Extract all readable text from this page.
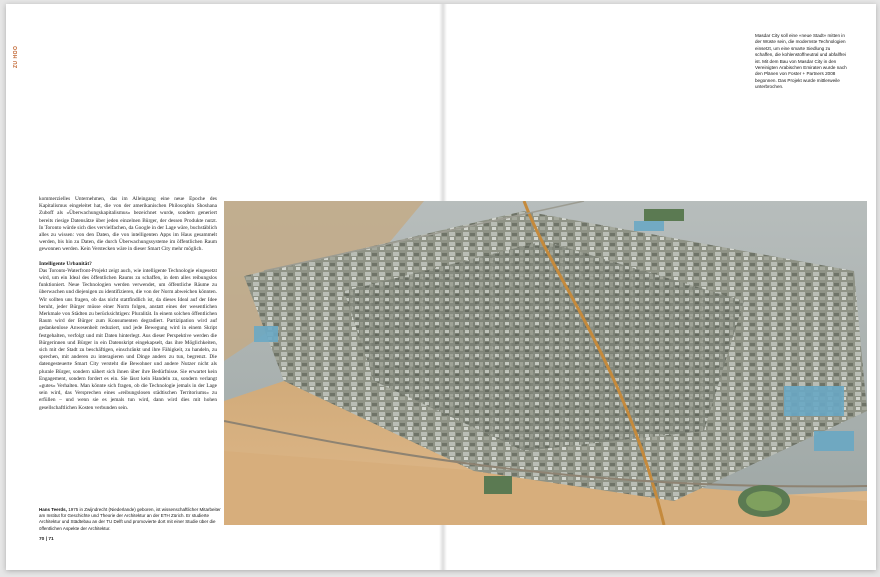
ZU HOO
Masdar City soll eine «neue Stadt» mitten in der Wüste sein, die modernste Technologien einsetzt, um eine smarte Siedlung zu schaffen, die kohlenstoffneutral und abfallfrei ist. Mit dem Bau von Masdar City in den Vereinigten Arabischen Emiraten wurde nach den Plänen von Foster + Partners 2008 begonnen. Das Projekt wurde mittlerweile unterbrochen.

kommerzielles Unternehmen, das im Alleingang eine neue Epoche des Kapitalismus eingeleitet hat, die von der amerikanischen Philosophin Shoshana Zuboff als «Überwachungskapitalismus» bezeichnet wurde, sondern generiert bereits riesige Datensätze über jeden einzelnen Bürger, der dessen Produkte nutzt. In Toronto würde sich dies vervielfachen, da Google in der Lage wäre, buchstäblich alles zu wissen: von den Daten, die von intelligenten Apps im Haus gesammelt werden, bis hin zu Daten, die durch Überwachungssysteme im öffentlichen Raum gewonnen werden. Kein Verstecken wäre in dieser Smart City mehr möglich.

Intelligente Urbanität?

Das Toronto-Waterfront-Projekt zeigt auch, wie intelligente Technologie eingesetzt wird, um ein Ideal des öffentlichen Raums zu schaffen, in dem alles reibungslos funktioniert. Neue Technologien werden verwendet, um öffentliche Räume zu überwachen und diejenigen zu identifizieren, die von der Norm abweichen könnten. Wir sollten uns fragen, ob das nicht stattfindlich ist, da dieses Ideal auf der Idee beruht, jeder Bürger müsse einer Norm folgen, anstatt eines der wesentlichen Merkmale von Städten zu berücksichtigen: Pluralität. In einem solchen öffentlichen Raum wird der Bürger zum Konsumenten degradiert. Partizipation wird auf gedankenlose Anwesenheit reduziert, und jede Bewegung wird in einem Skript festgehalten, verfolgt und mit Daten hinterlegt. Aus dieser Perspektive werden die Bürgerinnen und Bürger in ein Datenskript eingekapselt, das ihre Möglichkeiten, sich mit der Stadt zu beschäftigen, einschränkt und ihre Fähigkeit, zu handeln, zu sprechen, mit anderen zu interagieren und Dinge anders zu tun, begrenzt. Die datengesteuerte Smart City versteht die Bewohner und andere Nutzer nicht als plurale Bürger, sondern nähert sich ihnen über ihre Bedürfnisse. Sie erwartet kein Engagement, sondern fordert es ein. Sie lässt kein Handeln zu, sondern verlangt «gutes» Verhalten. Man könnte sich fragen, ob die Technologie jemals in der Lage sein wird, das Versprechen eines «reibungslosen städtischen Territoriums» zu erfüllen – und wenn sie es jemals tun wird, dann wird dies mit hohen gesellschaftlichen Kosten verbunden sein.

Hans Teerds, 1975 in Zwijndrecht (Niederlande) geboren, ist wissenschaftlicher Mitarbeiter am Institut für Geschichte und Theorie der Architektur an der ETH Zürich. Er studierte Architektur und Städtebau an der TU Delft und promovierte dort mit einer Studie über die öffentlichen Aspekte der Architektur.
70 | 71
